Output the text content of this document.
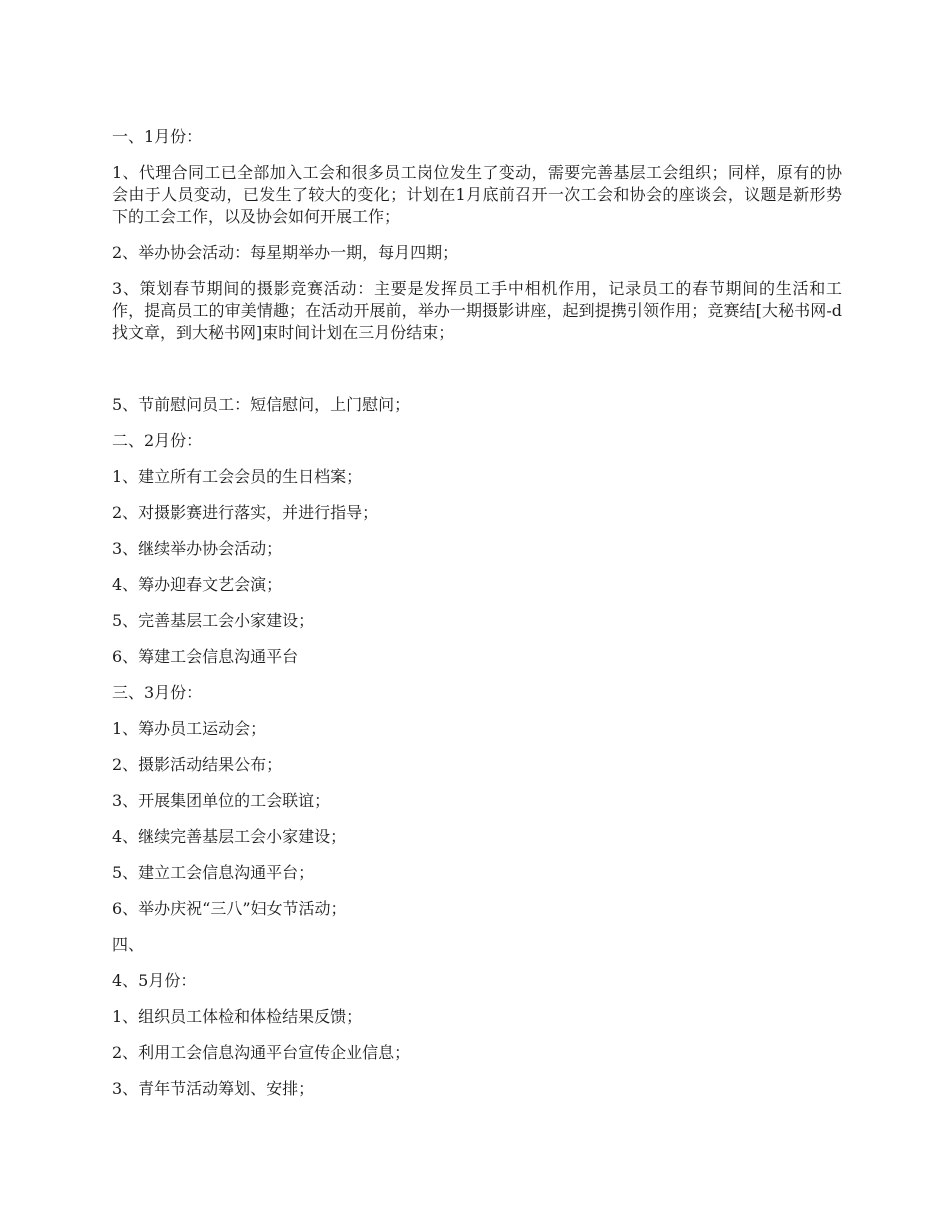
一、1月份：

1、代理合同工已全部加入工会和很多员工岗位发生了变动，需要完善基层工会组织；同样，原有的协会由于人员变动，已发生了较大的变化；计划在1月底前召开一次工会和协会的座谈会，议题是新形势下的工会工作，以及协会如何开展工作；

2、举办协会活动：每星期举办一期，每月四期；

3、策划春节期间的摄影竞赛活动：主要是发挥员工手中相机作用，记录员工的春节期间的生活和工作，提高员工的审美情趣；在活动开展前，举办一期摄影讲座，起到提携引领作用；竞赛结[大秘书网-d找文章，到大秘书网]束时间计划在三月份结束；

5、节前慰问员工：短信慰问，上门慰问；

二、2月份：

1、建立所有工会会员的生日档案；

2、对摄影赛进行落实，并进行指导；

3、继续举办协会活动；

4、筹办迎春文艺会演；

5、完善基层工会小家建设；

6、筹建工会信息沟通平台

三、3月份：

1、筹办员工运动会；

2、摄影活动结果公布；

3、开展集团单位的工会联谊；

4、继续完善基层工会小家建设；

5、建立工会信息沟通平台；

6、举办庆祝“三八”妇女节活动；

四、

4、5月份：

1、组织员工体检和体检结果反馈；

2、利用工会信息沟通平台宣传企业信息；

3、青年节活动筹划、安排；
